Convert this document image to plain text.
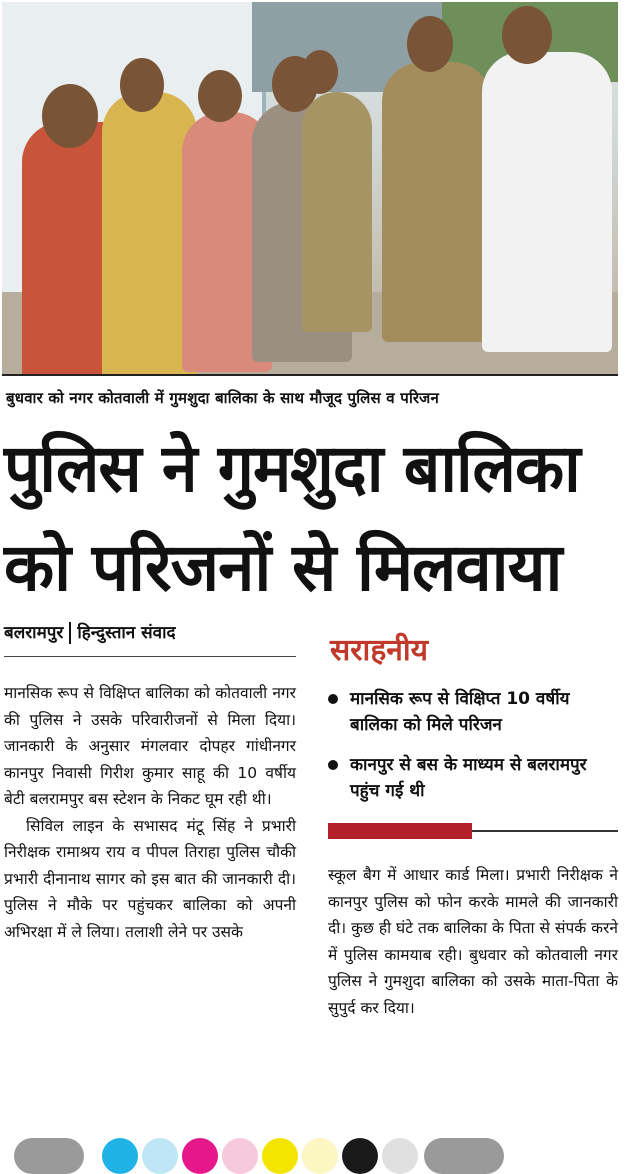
बुधवार को नगर कोतवाली में गुमशुदा बालिका के साथ मौजूद पुलिस व परिजन
पुलिस ने गुमशुदा बालिका
को परिजनों से मिलवाया
बलरामपुर हिन्दुस्तान संवाद	सराहनीय
मानसिक रूप से विक्षिप्त 10 वर्षीय बालिका को मिले परिजन
कानपुर से बस के माध्यम से बलरामपुर पहुंच गई थी

मानसिक रूप से विक्षिप्त बालिका को कोतवाली नगर की पुलिस ने उसके परिवारीजनों से मिला दिया। जानकारी के अनुसार मंगलवार दोपहर गांधीनगर कानपुर निवासी गिरीश कुमार साहू की 10 वर्षीय बेटी बलरामपुर बस स्टेशन के निकट घूम रही थी।

सिविल लाइन के सभासद मंटू सिंह ने प्रभारी निरीक्षक रामाश्रय राय व पीपल तिराहा पुलिस चौकी प्रभारी दीनानाथ सागर को इस बात की जानकारी दी। पुलिस ने मौके पर पहुंचकर बालिका को अपनी अभिरक्षा में ले लिया। तलाशी लेने पर उसके

स्कूल बैग में आधार कार्ड मिला। प्रभारी निरीक्षक ने कानपुर पुलिस को फोन करके मामले की जानकारी दी। कुछ ही घंटे तक बालिका के पिता से संपर्क करने में पुलिस कामयाब रही। बुधवार को कोतवाली नगर पुलिस ने गुमशुदा बालिका को उसके माता-पिता के सुपुर्द कर दिया।
